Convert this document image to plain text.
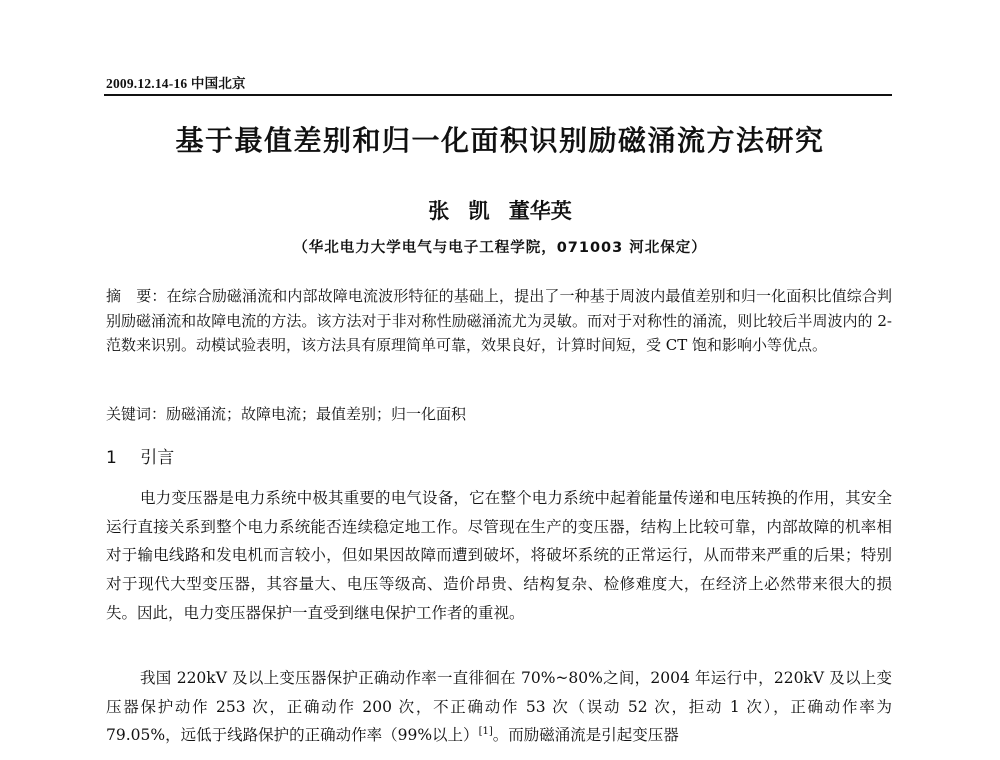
2009.12.14-16 中国北京
基于最值差别和归一化面积识别励磁涌流方法研究
张 凯 董华英
（华北电力大学电气与电子工程学院，071003 河北保定）
摘　要：在综合励磁涌流和内部故障电流波形特征的基础上，提出了一种基于周波内最值差别和归一化面积比值综合判别励磁涌流和故障电流的方法。该方法对于非对称性励磁涌流尤为灵敏。而对于对称性的涌流，则比较后半周波内的 2-范数来识别。动模试验表明，该方法具有原理简单可靠，效果良好，计算时间短，受 CT 饱和影响小等优点。
关键词：励磁涌流；故障电流；最值差别；归一化面积
1 引言
电力变压器是电力系统中极其重要的电气设备，它在整个电力系统中起着能量传递和电压转换的作用，其安全运行直接关系到整个电力系统能否连续稳定地工作。尽管现在生产的变压器，结构上比较可靠，内部故障的机率相对于输电线路和发电机而言较小，但如果因故障而遭到破坏，将破坏系统的正常运行，从而带来严重的后果；特别对于现代大型变压器，其容量大、电压等级高、造价昂贵、结构复杂、检修难度大，在经济上必然带来很大的损失。因此，电力变压器保护一直受到继电保护工作者的重视。
我国 220kV 及以上变压器保护正确动作率一直徘徊在 70%~80%之间，2004 年运行中，220kV 及以上变压器保护动作 253 次，正确动作 200 次，不正确动作 53 次（误动 52 次，拒动 1 次），正确动作率为 79.05%，远低于线路保护的正确动作率（99%以上）[1]。而励磁涌流是引起变压器
